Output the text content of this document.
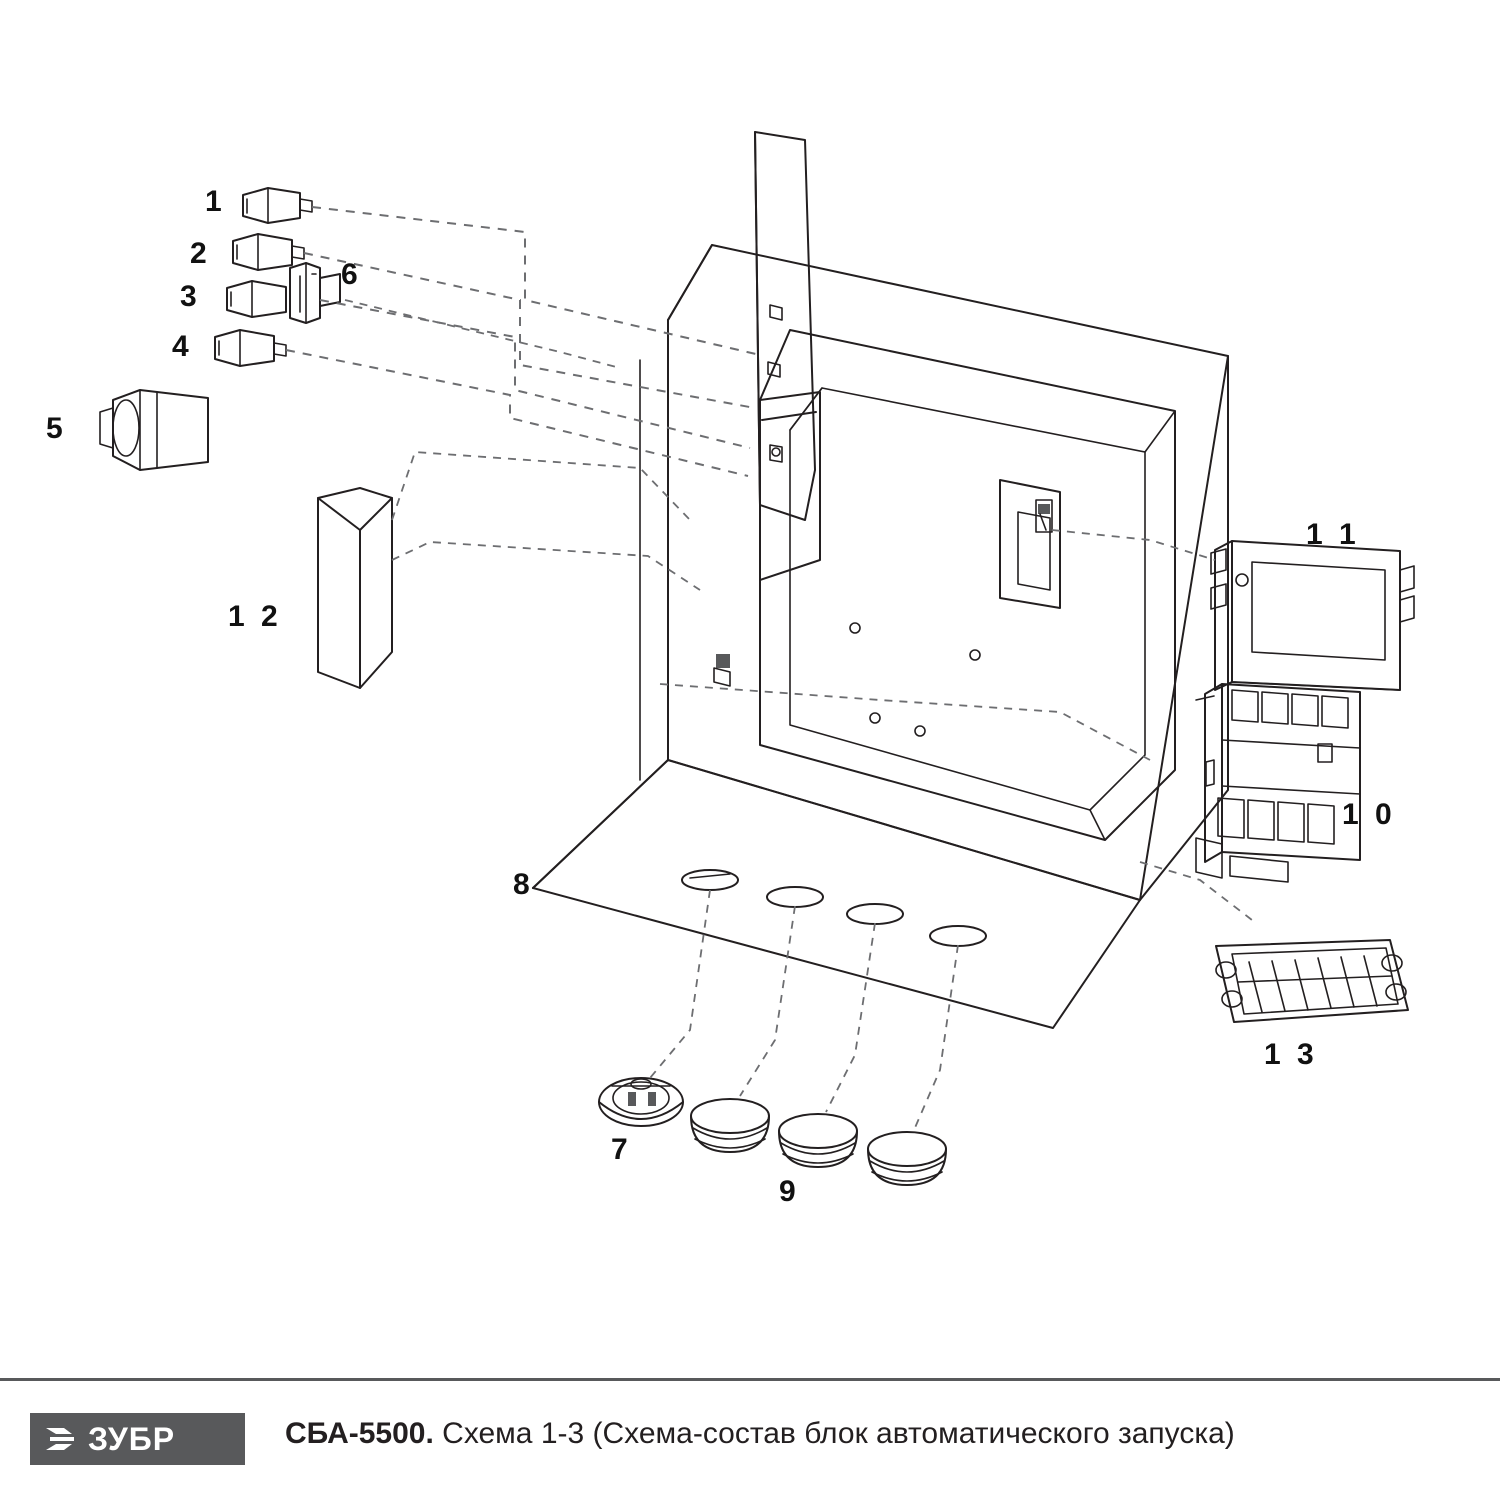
1
2
3
4
5
6
7
8
9
1 0
1 1
1 2
1 3
ЗУБР	СБА-5500. Схема 1-3 (Схема-состав блок автоматического запуска)
